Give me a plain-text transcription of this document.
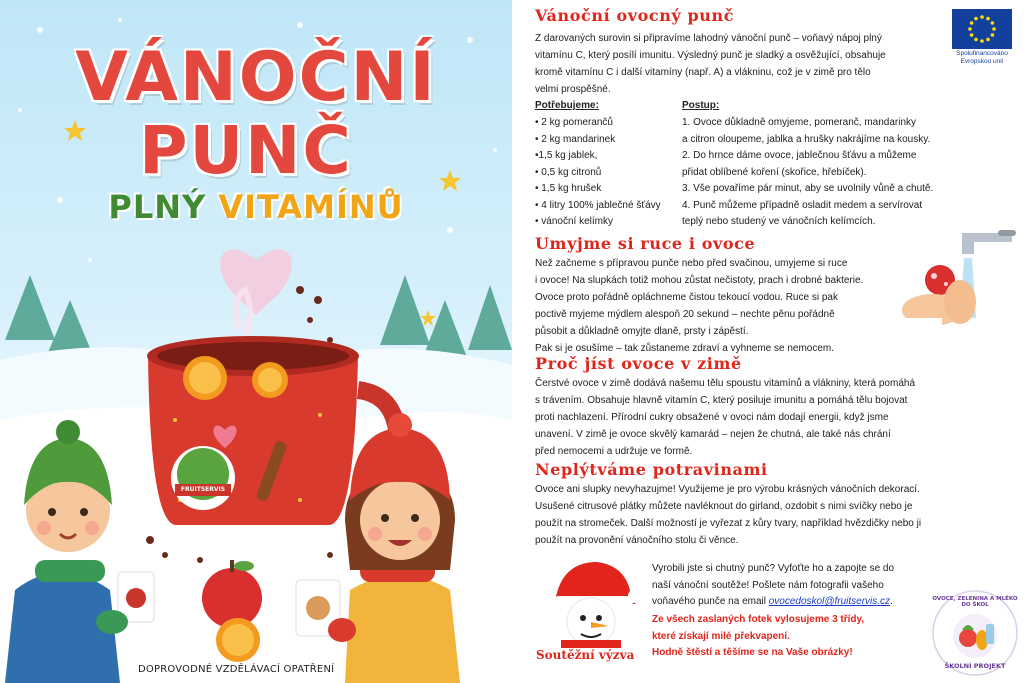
VÁNOČNÍ
PUNČ
PLNÝ VITAMÍNŮ
FRUITSERVIS
DOPROVODNÉ VZDĚLÁVACÍ OPATŘENÍ
Spolufinancováno
Evropskou unií
Vánoční ovocný punč
Z darovaných surovin si připravíme lahodný vánoční punč – voňavý nápoj plný
vitamínu C, který posílí imunitu. Výsledný punč je sladký a osvěžující, obsahuje
kromě vitamínu C i další vitamíny (např. A) a vlákninu, což je v zimě pro tělo
velmi prospěšné.
Potřebujeme:
• 2 kg pomerančů
• 2 kg mandarinek
•1,5 kg jablek,
• 0,5 kg citronů
• 1,5 kg hrušek
• 4 litry 100% jablečné šťávy
• vánoční kelímky
Postup:
1. Ovoce důkladně omyjeme, pomeranč, mandarinky
a citron oloupeme, jablka a hrušky nakrájíme na kousky.
2. Do hrnce dáme ovoce, jablečnou šťávu a můžeme
přidat oblíbené koření (skořice, hřebíček).
3. Vše povaříme pár minut, aby se uvolnily vůně a chutě.
4. Punč můžeme případně osladit medem a servírovat
teplý nebo studený ve vánočních kelímcích.
Umyjme si ruce i ovoce
Než začneme s přípravou punče nebo před svačinou, umyjeme si ruce
i ovoce! Na slupkách totiž mohou zůstat nečistoty, prach i drobné bakterie.
Ovoce proto pořádně opláchneme čistou tekoucí vodou. Ruce si pak
poctivě myjeme mýdlem alespoň 20 sekund – nechte pěnu pořádně
působit a důkladně omyjte dlaně, prsty i zápěstí.
Pak si je osušíme – tak zůstaneme zdraví a vyhneme se nemocem.
Proč jíst ovoce v zimě
Čerstvé ovoce v zimě dodává našemu tělu spoustu vitamínů a vlákniny, která pomáhá
s trávením. Obsahuje hlavně vitamín C, který posiluje imunitu a pomáhá tělu bojovat
proti nachlazení. Přírodní cukry obsažené v ovoci nám dodají energii, když jsme
unavení. V zimě je ovoce skvělý kamarád – nejen že chutná, ale také nás chrání
před nemocemi a udržuje ve formě.
Neplýtváme potravinami
Ovoce ani slupky nevyhazujme! Využijeme je pro výrobu krásných vánočních dekorací.
Usušené citrusové plátky můžete navléknout do girland, ozdobit s nimi svíčky nebo je
použít na stromeček. Další možností je vyřezat z kůry tvary, například hvězdičky nebo ji
použít na provonění vánočního stolu či věnce.
Soutěžní výzva
Vyrobili jste si chutný punč? Vyfoťte ho a zapojte se do
naší vánoční soutěže! Pošlete nám fotografii vašeho
voňavého punče na email ovocedoskol@fruitservis.cz.
Ze všech zaslaných fotek vylosujeme 3 třídy,
které získají milé překvapení.
Hodně štěstí a těšíme se na Vaše obrázky!
OVOCE, ZELENINA A MLÉKO DO ŠKOL
ŠKOLNÍ PROJEKT
